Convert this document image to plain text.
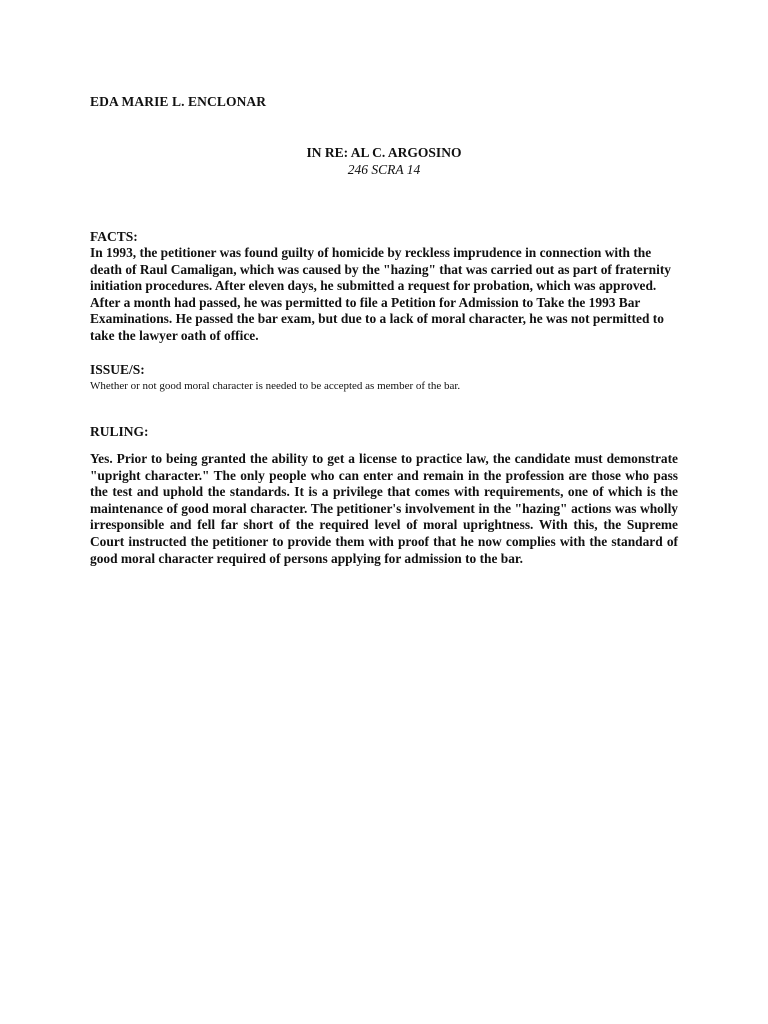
EDA MARIE L. ENCLONAR
IN RE: AL C. ARGOSINO
246 SCRA 14
FACTS:
In 1993, the petitioner was found guilty of homicide by reckless imprudence in connection with the death of Raul Camaligan, which was caused by the "hazing" that was carried out as part of fraternity initiation procedures. After eleven days, he submitted a request for probation, which was approved. After a month had passed, he was permitted to file a Petition for Admission to Take the 1993 Bar Examinations. He passed the bar exam, but due to a lack of moral character, he was not permitted to take the lawyer oath of office.
ISSUE/S:
Whether or not good moral character is needed to be accepted as member of the bar.
RULING:
Yes. Prior to being granted the ability to get a license to practice law, the candidate must demonstrate "upright character." The only people who can enter and remain in the profession are those who pass the test and uphold the standards. It is a privilege that comes with requirements, one of which is the maintenance of good moral character. The petitioner's involvement in the "hazing" actions was wholly irresponsible and fell far short of the required level of moral uprightness. With this, the Supreme Court instructed the petitioner to provide them with proof that he now complies with the standard of good moral character required of persons applying for admission to the bar.
